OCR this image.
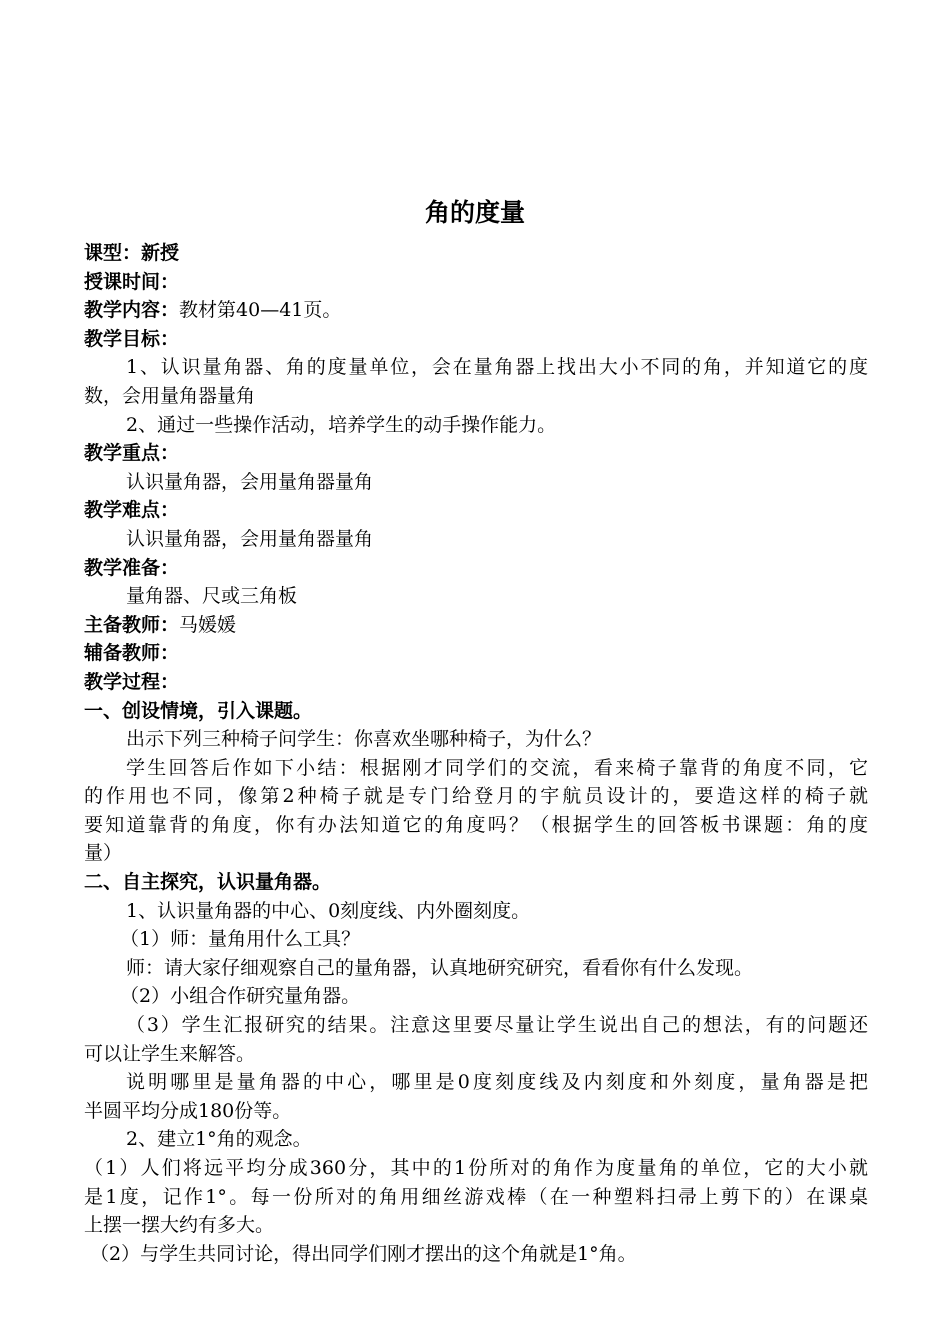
角的度量
课型：新授
授课时间：
教学内容：教材第40—41页。
教学目标：
1、认识量角器、角的度量单位，会在量角器上找出大小不同的角，并知道它的度
数，会用量角器量角
2、通过一些操作活动，培养学生的动手操作能力。
教学重点：
认识量角器，会用量角器量角
教学难点：
认识量角器，会用量角器量角
教学准备：
量角器、尺或三角板
主备教师：马媛媛
辅备教师：
教学过程：
一、创设情境，引入课题。
出示下列三种椅子问学生：你喜欢坐哪种椅子，为什么？
学生回答后作如下小结：根据刚才同学们的交流，看来椅子靠背的角度不同，它
的作用也不同，像第2种椅子就是专门给登月的宇航员设计的，要造这样的椅子就
要知道靠背的角度，你有办法知道它的角度吗？（根据学生的回答板书课题：角的度
量）
二、自主探究，认识量角器。
1、认识量角器的中心、0刻度线、内外圈刻度。
（1）师：量角用什么工具？
师：请大家仔细观察自己的量角器，认真地研究研究，看看你有什么发现。
（2）小组合作研究量角器。
（3）学生汇报研究的结果。注意这里要尽量让学生说出自己的想法，有的问题还
可以让学生来解答。
说明哪里是量角器的中心，哪里是0度刻度线及内刻度和外刻度，量角器是把
半圆平均分成180份等。
2、建立1°角的观念。
（1）人们将远平均分成360分，其中的1份所对的角作为度量角的单位，它的大小就
是1度，记作1°。每一份所对的角用细丝游戏棒（在一种塑料扫帚上剪下的）在课桌
上摆一摆大约有多大。
（2）与学生共同讨论，得出同学们刚才摆出的这个角就是1°角。
